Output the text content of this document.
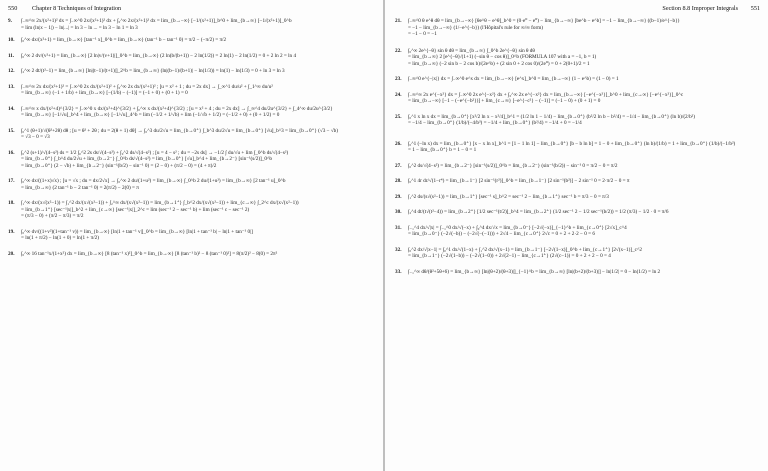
550 Chapter 8 Techniques of Integration
9.	∫₋∞^∞ 2x/(x²+1)² dx = ∫₋∞^0 2x/(x²+1)² dx + ∫₀^∞ 2x/(x²+1)² dx = lim_{b→−∞} [−1/(x²+1)]_b^0 + lim_{b→∞} [−1/(x²+1)]_0^b
= lim (ln|x − 1|) − ln|...| = ln 3 − ln ... = ln 3 − ln 1 = ln 3
10.	∫₀^∞ dx/(x²+1) = lim_{b→∞} [tan⁻¹ x]_0^b = lim_{b→∞} (tan⁻¹ b − tan⁻¹ 0) = π/2 − (−π/2) = π/2
11.	∫₀^∞ 2 dv/(v²+1) = lim_{b→∞} [2 ln|v/(v+1)|]_0^b = lim_{b→∞} (2 ln(b/(b+1)) − 2 ln(1/2)) = 2 ln(1) − 2 ln(1/2) = 0 + 2 ln 2 = ln 4
12.	∫₂^∞ 2 dt/(t²−1) = lim_{b→∞} [ln|(t−1)/(t+1)|]_2^b = lim_{b→∞} (ln|(b−1)/(b+1)| − ln(1/3)) = ln(1) − ln(1/3) = 0 + ln 3 = ln 3
13.	∫₋∞^∞ 2x dx/(x²+1)² = ∫₋∞^0 2x dx/(x²+1)² + ∫₀^∞ 2x dx/(x²+1)² ; [u = x² + 1 ; du = 2x dx] → ∫_∞^1 du/u² + ∫_1^∞ du/u²
= lim_{b→∞} (−1 + 1/b) + lim_{b→∞} [−(1/b) − (−1)] = (−1 + 0) + (0 + 1) = 0
14.	∫₋∞^∞ x dx/(x²+4)^{3/2} = ∫₋∞^0 x dx/(x²+4)^{3/2} + ∫₀^∞ x dx/(x²+4)^{3/2} ; [u = x² + 4 ; du = 2x dx] → ∫_∞^4 du/2u^{3/2} + ∫_4^∞ du/2u^{3/2}
= lim_{b→∞} [−1/√u]_b^4 + lim_{b→∞} [−1/√u]_4^b = lim (−1/2 + 1/√b) + lim (−1/√b + 1/2) = (−1/2 + 0) + (0 + 1/2) = 0
15.	∫₀^1 (θ+1)/√(θ²+2θ) dθ ; [u = θ² + 2θ ; du = 2(θ + 1) dθ] → ∫₀^3 du/2√u = lim_{b→0⁺} ∫_b^3 du/2√u = lim_{b→0⁺} [√u]_b^3 = lim_{b→0⁺} (√3 − √b)
= √3 − 0 = √3
16.	∫₀^2 (s+1)/√(4−s²) ds = 1/2 ∫₀^2 2s ds/√(4−s²) + ∫₀^2 ds/√(4−s²) ; [u = 4 − s² ; du = −2s ds] → −1/2 ∫ du/√u + lim ∫_0^b ds/√(4−s²)
= lim_{b→0⁺} ∫_b^4 du/2√u + lim_{b→2⁻} ∫_0^b ds/√(4−s²) = lim_{b→0⁺} [√u]_b^4 + lim_{b→2⁻} [sin⁻¹(s/2)]_0^b
= lim_{b→0⁺} (2 − √b) + lim_{b→2⁻} (sin⁻¹(b/2) − sin⁻¹ 0) = (2 − 0) + (π/2 − 0) = (4 + π)/2
17.	∫₀^∞ dx/((1+x)√x) ; [u = √x ; du = dx/2√x] → ∫₀^∞ 2 du/(1+u²) = lim_{b→∞} ∫_0^b 2 du/(1+u²) = lim_{b→∞} [2 tan⁻¹ u]_0^b
= lim_{b→∞} (2 tan⁻¹ b − 2 tan⁻¹ 0) = 2(π/2) − 2(0) = π
18.	∫₁^∞ dx/(x√(x²−1)) = ∫₁^2 dx/(x√(x²−1)) + ∫₂^∞ dx/(x√(x²−1)) = lim_{b→1⁺} ∫_b^2 dx/(x√(x²−1)) + lim_{c→∞} ∫_2^c dx/(x√(x²−1))
= lim_{b→1⁺} [sec⁻¹|x|]_b^2 + lim_{c→∞} [sec⁻¹|x|]_2^c = lim (sec⁻¹ 2 − sec⁻¹ b) + lim (sec⁻¹ c − sec⁻¹ 2)
= (π/3 − 0) + (π/2 − π/3) = π/2
19.	∫₀^∞ dv/((1+v²)(1+tan⁻¹ v)) = lim_{b→∞} [ln|1 + tan⁻¹ v|]_0^b = lim_{b→∞} [ln|1 + tan⁻¹ b| − ln|1 + tan⁻¹ 0|]
= ln(1 + π/2) − ln(1 + 0) = ln(1 + π/2)
20.	∫₀^∞ 16 tan⁻¹x/(1+x²) dx = lim_{b→∞} [8 (tan⁻¹ x)²]_0^b = lim_{b→∞} [8 (tan⁻¹ b)² − 8 (tan⁻¹ 0)²] = 8(π/2)² − 8(0) = 2π²
Section 8.8 Improper Integrals 551
21.	∫₋∞^0 θ e^θ dθ = lim_{b→−∞} [θe^θ − e^θ]_b^0 = (0·e⁰ − e⁰) − lim_{b→−∞} [be^b − e^b] = −1 − lim_{b→−∞} ((b−1)/e^{−b})
= −1 − lim_{b→−∞} (1/−e^{−b}) (l'Hôpital's rule for ∞/∞ form)
= −1 − 0 = −1
22.	∫₀^∞ 2e^{−θ} sin θ dθ = lim_{b→∞} ∫_0^b 2e^{−θ} sin θ dθ
= lim_{b→∞} 2 [e^{−θ}/(1+1) (−sin θ − cos θ)]_0^b (FORMULA 107 with a = −1, b = 1)
= lim_{b→∞} (−2 sin b − 2 cos b)/(2e^b) + (2 sin 0 + 2 cos 0)/(2e⁰) = 0 + 2(0+1)/2 = 1
23.	∫₋∞^0 e^{−|x|} dx = ∫₋∞^0 e^x dx = lim_{b→−∞} [e^x]_b^0 = lim_{b→−∞} (1 − e^b) = (1 − 0) = 1
24.	∫₋∞^∞ 2x e^{−x²} dx = ∫₋∞^0 2x e^{−x²} dx + ∫₀^∞ 2x e^{−x²} dx = lim_{b→−∞} [−e^{−x²}]_b^0 + lim_{c→∞} [−e^{−x²}]_0^c
= lim_{b→−∞} [−1 − (−e^{−b²})] + lim_{c→∞} [−e^{−c²} − (−1)] = (−1 − 0) + (0 + 1) = 0
25.	∫₀^1 x ln x dx = lim_{b→0⁺} [x²/2 ln x − x²/4]_b^1 = (1/2 ln 1 − 1/4) − lim_{b→0⁺} (b²/2 ln b − b²/4) = −1/4 − lim_{b→0⁺} (ln b)/(2/b²)
= −1/4 − lim_{b→0⁺} (1/b)/(−4/b³) = −1/4 + lim_{b→0⁺} (b²/4) = −1/4 + 0 = −1/4
26.	∫₀^1 (−ln x) dx = lim_{b→0⁺} [x − x ln x]_b^1 = [1 − 1 ln 1] − lim_{b→0⁺} [b − b ln b] = 1 − 0 + lim_{b→0⁺} (ln b)/(1/b) = 1 + lim_{b→0⁺} (1/b)/(−1/b²)
= 1 − lim_{b→0⁺} b = 1 − 0 = 1
27.	∫₀^2 ds/√(4−s²) = lim_{b→2⁻} [sin⁻¹(s/2)]_0^b = lim_{b→2⁻} (sin⁻¹(b/2)) − sin⁻¹ 0 = π/2 − 0 = π/2
28.	∫₀^1 4r dr/√(1−r⁴) = lim_{b→1⁻} [2 sin⁻¹(r²)]_0^b = lim_{b→1⁻} [2 sin⁻¹(b²)] − 2 sin⁻¹ 0 = 2·π/2 − 0 = π
29.	∫₁^2 ds/(s√(s²−1)) = lim_{b→1⁺} [sec⁻¹ s]_b^2 = sec⁻¹ 2 − lim_{b→1⁺} sec⁻¹ b = π/3 − 0 = π/3
30.	∫₂^4 dt/(t√(t²−4)) = lim_{b→2⁺} [1/2 sec⁻¹(t/2)]_b^4 = lim_{b→2⁺} (1/2 sec⁻¹ 2 − 1/2 sec⁻¹(b/2)) = 1/2 (π/3) − 1/2 · 0 = π/6
31.	∫₋₁^4 dx/√|x| = ∫₋₁^0 dx/√(−x) + ∫₀^4 dx/√x = lim_{b→0⁻} [−2√(−x)]_{−1}^b + lim_{c→0⁺} [2√x]_c^4
= lim_{b→0⁻} (−2√(−b)) − (−2√(−(−1))) + 2√4 − lim_{c→0⁺} 2√c = 0 + 2 + 2·2 − 0 = 6
32.	∫₀^2 dx/√|x−1| = ∫₀^1 dx/√(1−x) + ∫₁^2 dx/√(x−1) = lim_{b→1⁻} [−2√(1−x)]_0^b + lim_{c→1⁺} [2√(x−1)]_c^2
= lim_{b→1⁻} (−2√(1−b)) − (−2√(1−0)) + 2√(2−1) − lim_{c→1⁺} (2√(c−1)) = 0 + 2 + 2 − 0 = 4
33.	∫₋₁^∞ dθ/(θ²+5θ+6) = lim_{b→∞} [ln|(θ+2)/(θ+3)|]_{−1}^b = lim_{b→∞} [ln|(b+2)/(b+3)|] − ln|1/2| = 0 − ln(1/2) = ln 2
